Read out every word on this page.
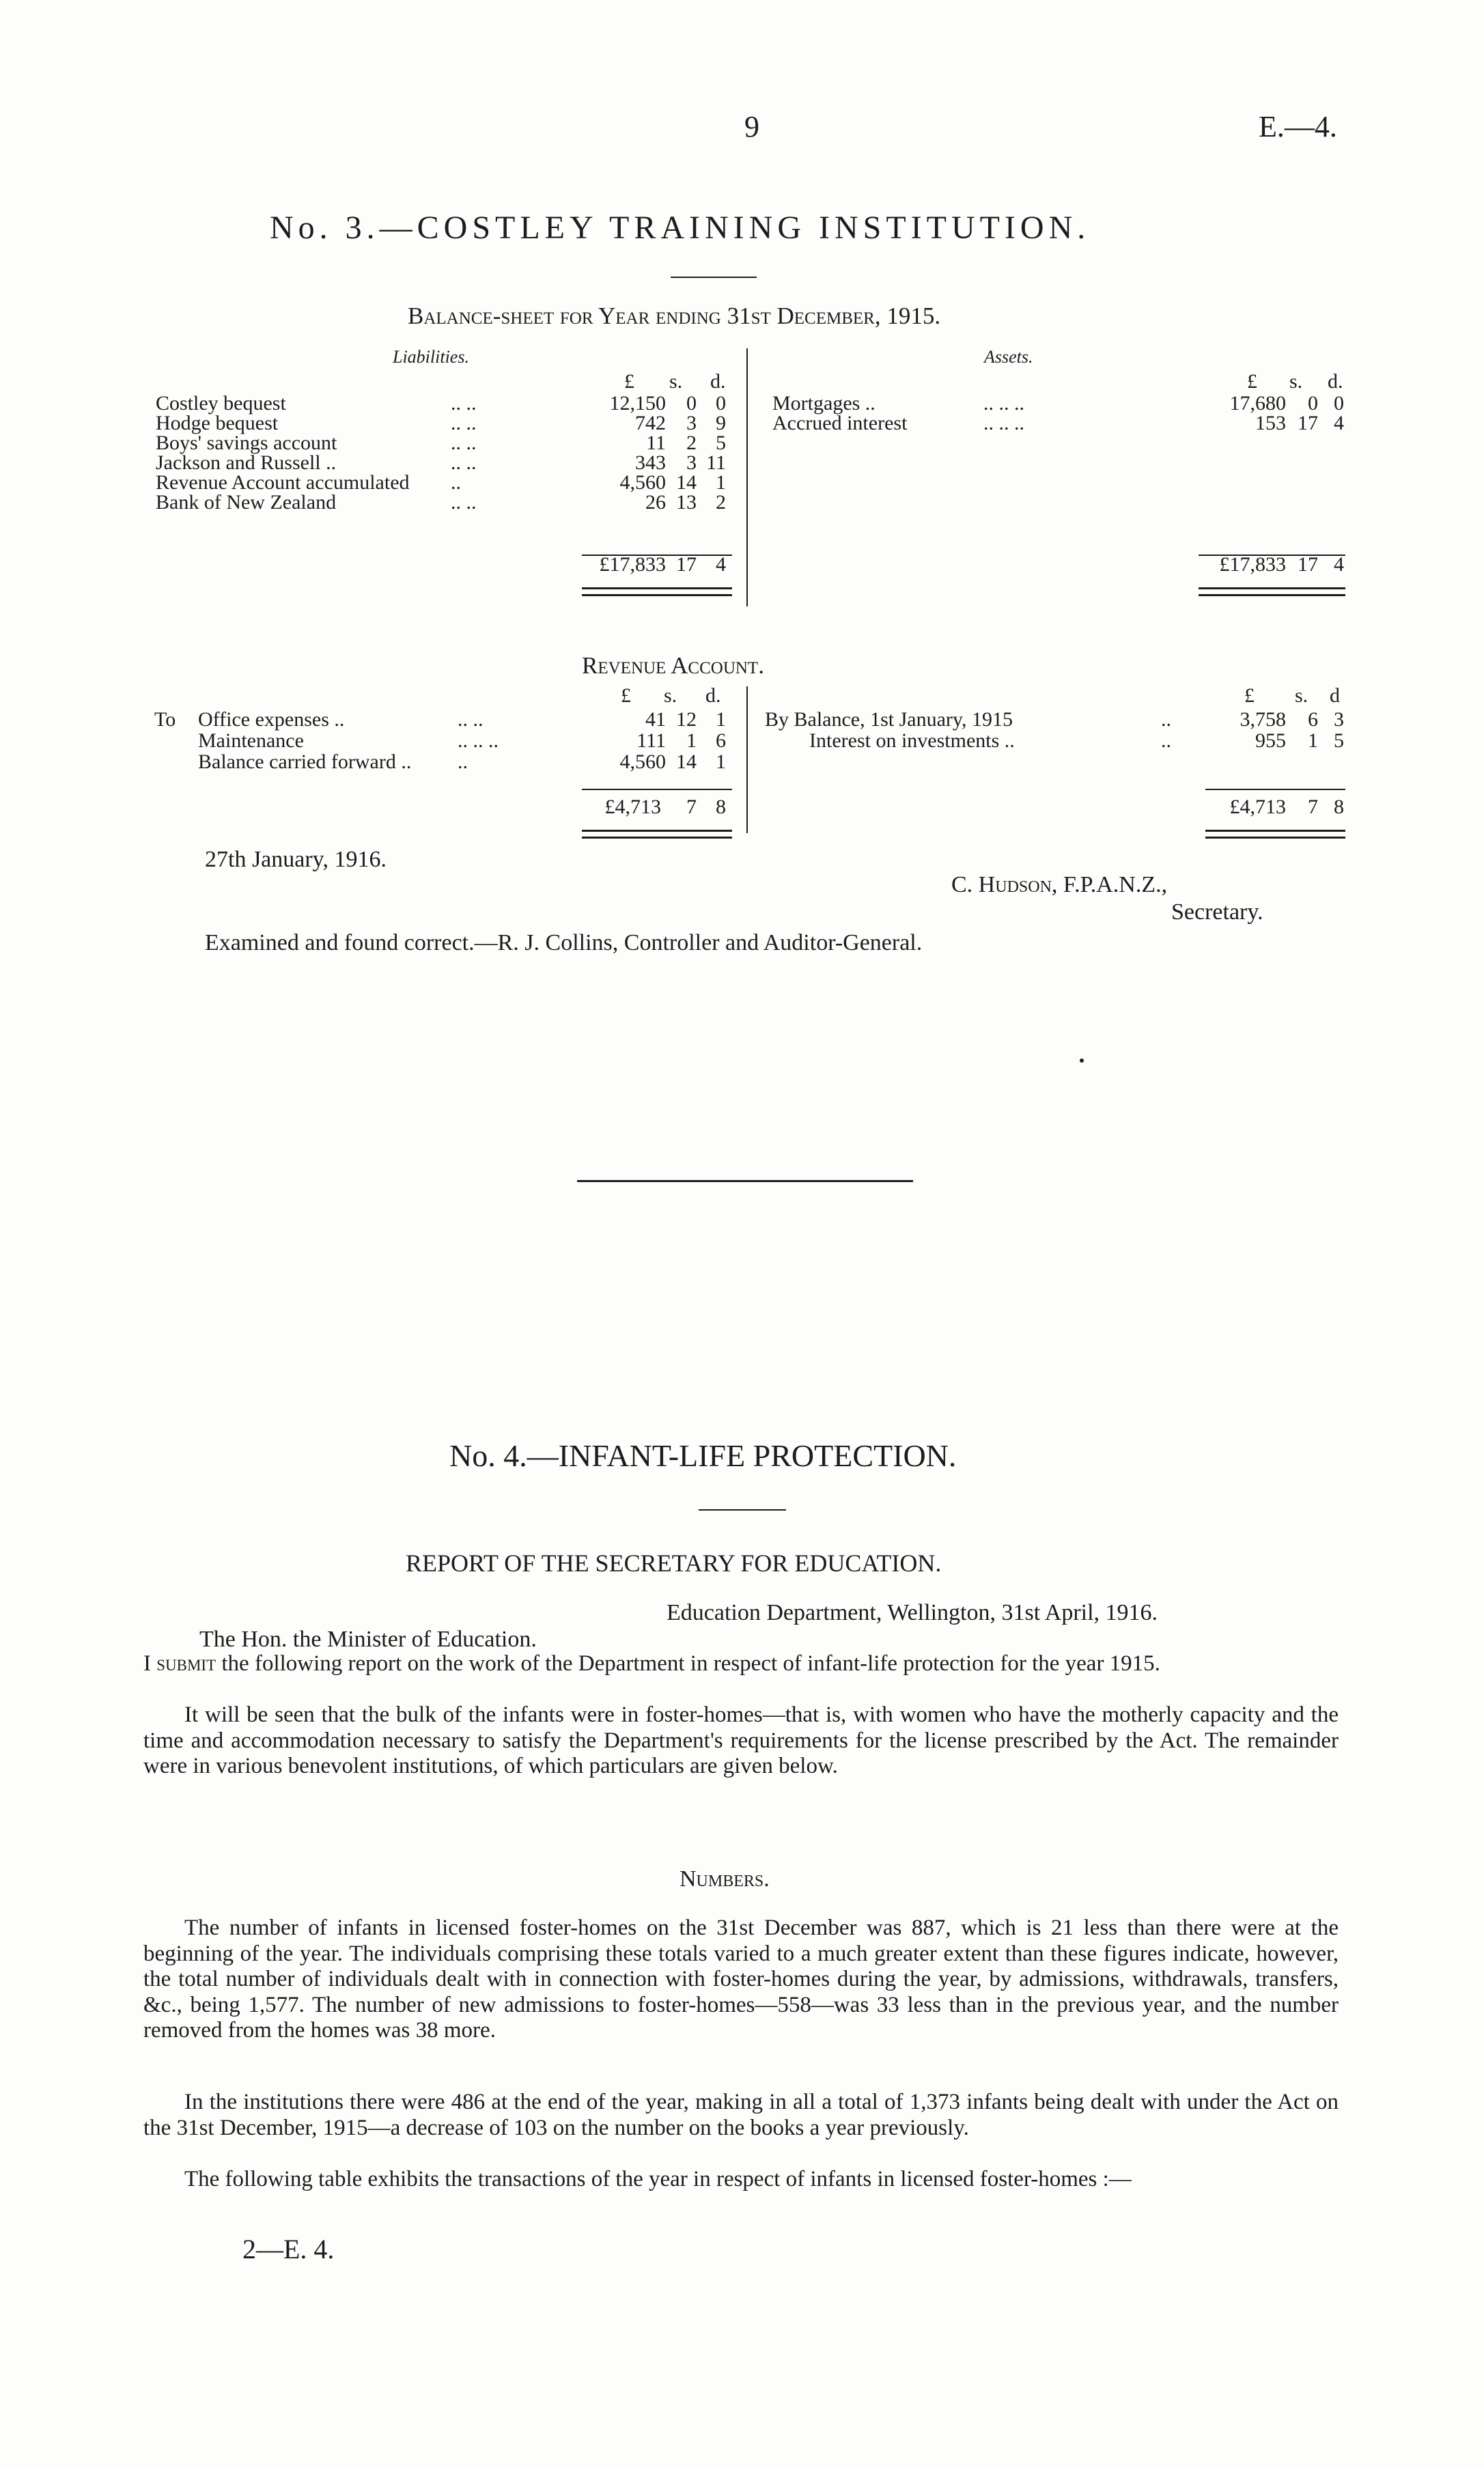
9	E.—4.
No. 3.—COSTLEY TRAINING INSTITUTION.
Balance-sheet for Year ending 31st December, 1915.
Liabilities.	Assets.
£ s. d.	£ s. d.
Costley bequest	.. ..	12,150 0 0
Hodge bequest	.. ..	742 3 9
Boys' savings account	.. ..	11 2 5
Jackson and Russell ..	.. ..	343 3 11
Revenue Account accumulated ..	4,560 14 1
Bank of New Zealand	.. ..	26 13 2
£17,833 17 4
Mortgages ..	.. .. ..	17,680 0 0
Accrued interest	.. .. ..	153 17 4
£17,833 17 4
Revenue Account.
£ s. d.	£ s. d
To Office expenses ..	.. ..	41 12 1
Maintenance	.. .. ..	111 1 6
Balance carried forward .. ..	4,560 14 1
By Balance, 1st January, 1915	..	3,758 6 3
Interest on investments ..	..	955 1 5
£4,713 7 8	£4,713 7 8
27th January, 1916.
C. Hudson, F.P.A.N.Z.,
Secretary.
Examined and found correct.—R. J. Collins, Controller and Auditor-General.
No. 4.—INFANT-LIFE PROTECTION.
REPORT OF THE SECRETARY FOR EDUCATION.
Education Department, Wellington, 31st April, 1916.
The Hon. the Minister of Education.

I submit the following report on the work of the Department in respect of infant-life protection for the year 1915.

It will be seen that the bulk of the infants were in foster-homes—that is, with women who have the motherly capacity and the time and accommodation necessary to satisfy the Department's requirements for the license prescribed by the Act. The remainder were in various benevolent institutions, of which particulars are given below.

Numbers.

The number of infants in licensed foster-homes on the 31st December was 887, which is 21 less than there were at the beginning of the year. The individuals comprising these totals varied to a much greater extent than these figures indicate, however, the total number of individuals dealt with in connection with foster-homes during the year, by admissions, withdrawals, transfers, &c., being 1,577. The number of new admissions to foster-homes—558—was 33 less than in the previous year, and the number removed from the homes was 38 more.

In the institutions there were 486 at the end of the year, making in all a total of 1,373 infants being dealt with under the Act on the 31st December, 1915—a decrease of 103 on the number on the books a year previously.

The following table exhibits the transactions of the year in respect of infants in licensed foster-homes :—

2—E. 4.
